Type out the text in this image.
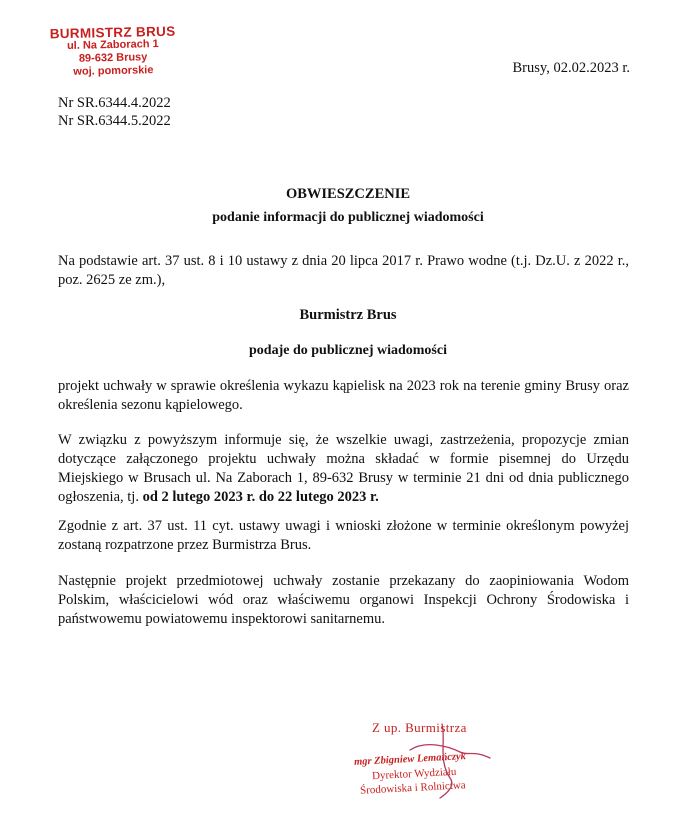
BURMISTRZ BRUS
ul. Na Zaborach 1
89-632 Brusy
woj. pomorskie	Brusy, 02.02.2023 r.
Nr SR.6344.4.2022
Nr SR.6344.5.2022
OBWIESZCZENIE
podanie informacji do publicznej wiadomości
Na podstawie art. 37 ust. 8 i 10 ustawy z dnia 20 lipca 2017 r. Prawo wodne (t.j. Dz.U. z 2022 r., poz. 2625 ze zm.),
Burmistrz Brus
podaje do publicznej wiadomości
projekt uchwały w sprawie określenia wykazu kąpielisk na 2023 rok na terenie gminy Brusy oraz określenia sezonu kąpielowego.
W związku z powyższym informuje się, że wszelkie uwagi, zastrzeżenia, propozycje zmian dotyczące załączonego projektu uchwały można składać w formie pisemnej do Urzędu Miejskiego w Brusach ul. Na Zaborach 1, 89-632 Brusy w terminie 21 dni od dnia publicznego ogłoszenia, tj. od 2 lutego 2023 r. do 22 lutego 2023 r.
Zgodnie z art. 37 ust. 11 cyt. ustawy uwagi i wnioski złożone w terminie określonym powyżej zostaną rozpatrzone przez Burmistrza Brus.
Następnie projekt przedmiotowej uchwały zostanie przekazany do zaopiniowania Wodom Polskim, właścicielowi wód oraz właściwemu organowi Inspekcji Ochrony Środowiska i państwowemu powiatowemu inspektorowi sanitarnemu.
Z up. Burmistrza
mgr Zbigniew Lemańczyk
Dyrektor Wydziału
Środowiska i Rolnictwa
